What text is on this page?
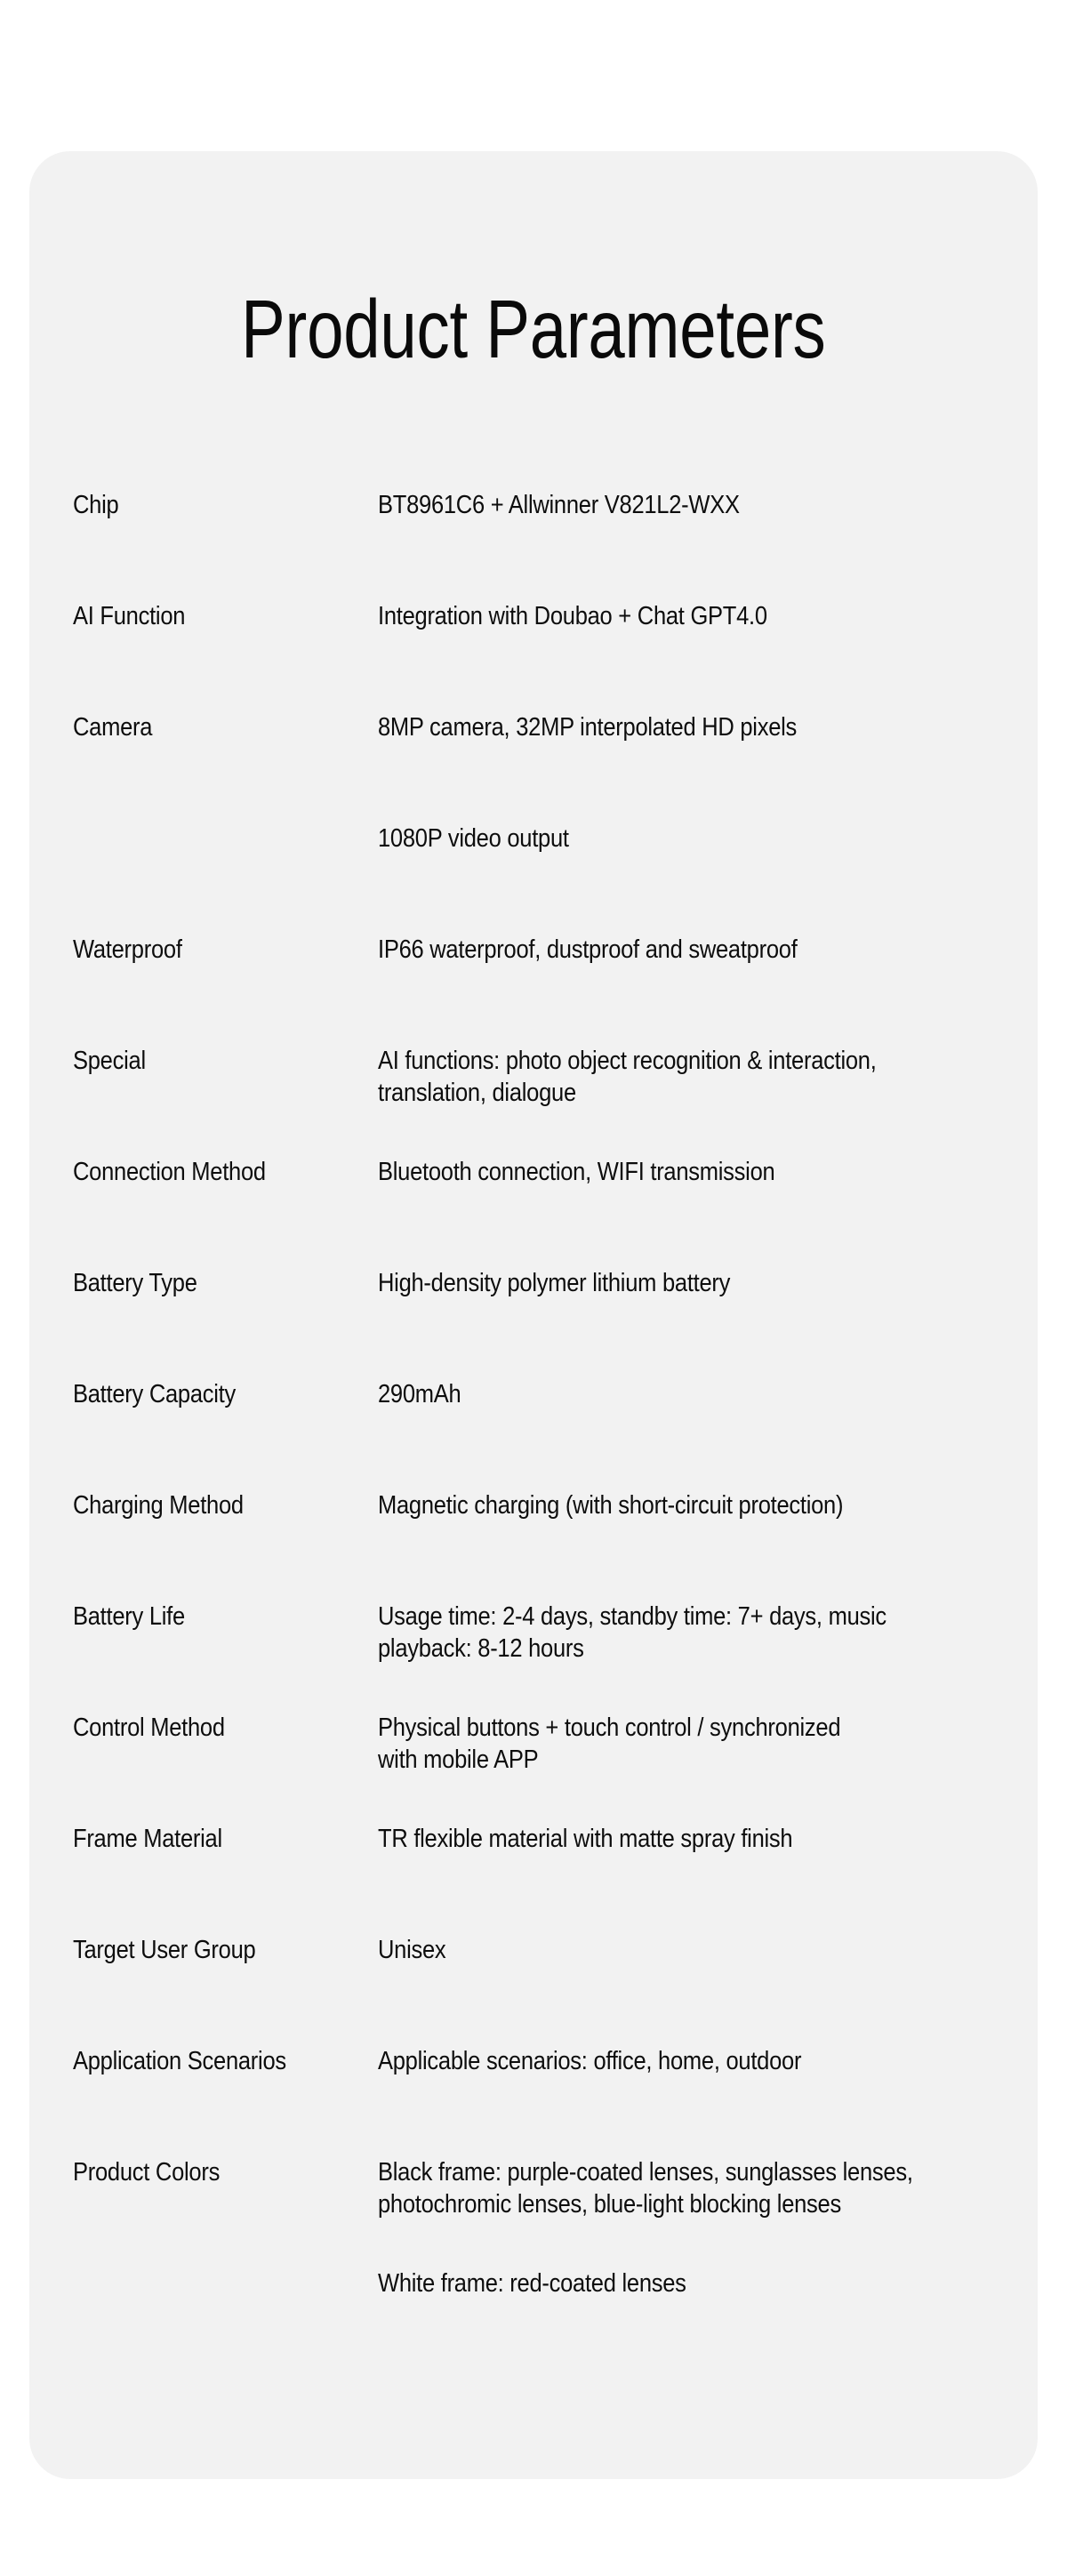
Product Parameters
Chip	BT8961C6 + Allwinner V821L2-WXX
AI Function	Integration with Doubao + Chat GPT4.0
Camera	8MP camera, 32MP interpolated HD pixels
1080P video output
Waterproof	IP66 waterproof, dustproof and sweatproof
Special	AI functions: photo object recognition & interaction,
translation, dialogue
Connection Method	Bluetooth connection, WIFI transmission
Battery Type	High-density polymer lithium battery
Battery Capacity	290mAh
Charging Method	Magnetic charging (with short-circuit protection)
Battery Life	Usage time: 2-4 days, standby time: 7+ days, music
playback: 8-12 hours
Control Method	Physical buttons + touch control / synchronized
with mobile APP
Frame Material	TR flexible material with matte spray finish
Target User Group	Unisex
Application Scenarios	Applicable scenarios: office, home, outdoor
Product Colors	Black frame: purple-coated lenses, sunglasses lenses,
photochromic lenses, blue-light blocking lenses
White frame: red-coated lenses
